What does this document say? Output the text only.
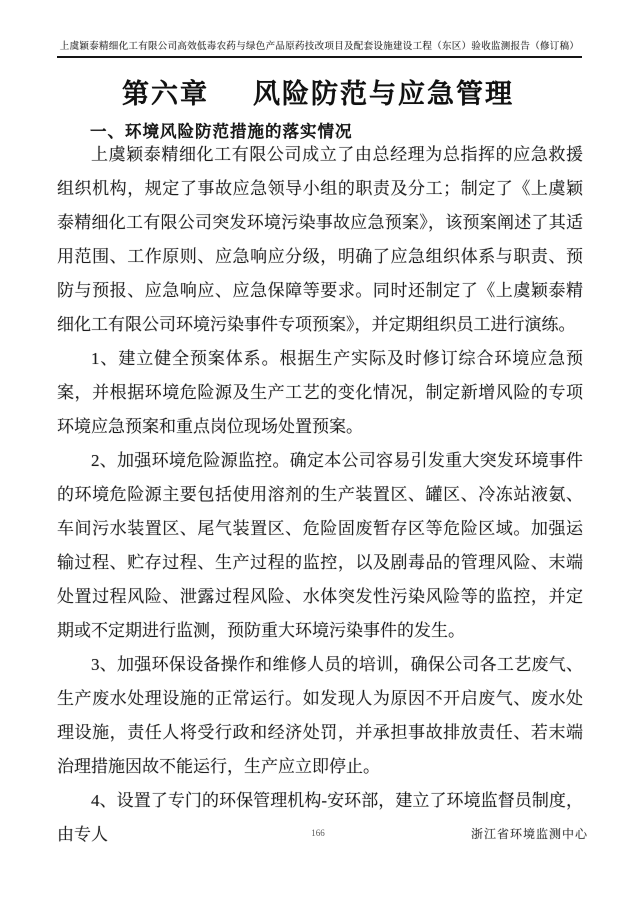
上虞颖泰精细化工有限公司高效低毒农药与绿色产品原药技改项目及配套设施建设工程（东区）验收监测报告（修订稿）
第六章 风险防范与应急管理
一、环境风险防范措施的落实情况

上虞颖泰精细化工有限公司成立了由总经理为总指挥的应急救援组织机构，规定了事故应急领导小组的职责及分工；制定了《上虞颖泰精细化工有限公司突发环境污染事故应急预案》，该预案阐述了其适用范围、工作原则、应急响应分级，明确了应急组织体系与职责、预防与预报、应急响应、应急保障等要求。同时还制定了《上虞颖泰精细化工有限公司环境污染事件专项预案》，并定期组织员工进行演练。

1、建立健全预案体系。根据生产实际及时修订综合环境应急预案，并根据环境危险源及生产工艺的变化情况，制定新增风险的专项环境应急预案和重点岗位现场处置预案。

2、加强环境危险源监控。确定本公司容易引发重大突发环境事件的环境危险源主要包括使用溶剂的生产装置区、罐区、冷冻站液氨、车间污水装置区、尾气装置区、危险固废暂存区等危险区域。加强运输过程、贮存过程、生产过程的监控，以及剧毒品的管理风险、末端处置过程风险、泄露过程风险、水体突发性污染风险等的监控，并定期或不定期进行监测，预防重大环境污染事件的发生。

3、加强环保设备操作和维修人员的培训，确保公司各工艺废气、生产废水处理设施的正常运行。如发现人为原因不开启废气、废水处理设施，责任人将受行政和经济处罚，并承担事故排放责任、若末端治理措施因故不能运行，生产应立即停止。

4、设置了专门的环保管理机构-安环部，建立了环境监督员制度，由专人	166	浙江省环境监测中心
